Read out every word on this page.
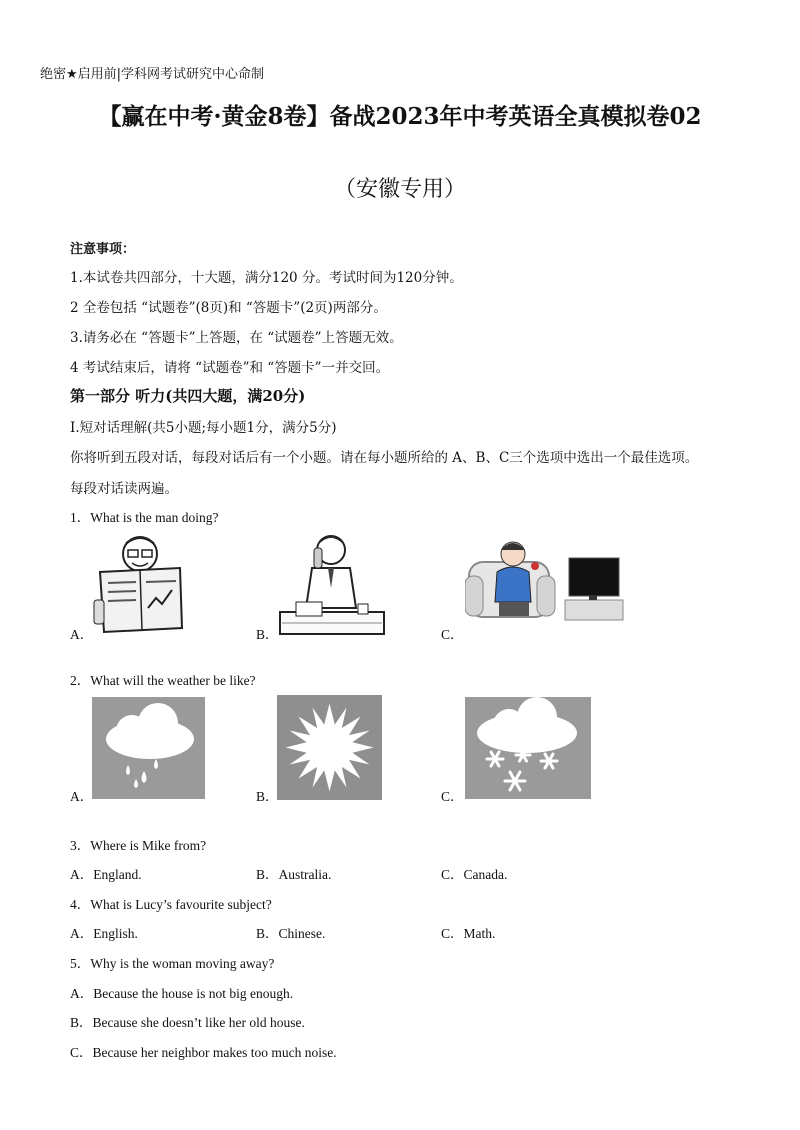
绝密★启用前|学科网考试研究中心命制
【赢在中考·黄金8卷】备战2023年中考英语全真模拟卷02
（安徽专用）
注意事项：
1.本试卷共四部分，十大题，满分120 分。考试时间为120分钟。
2 全卷包括 “试题卷”(8页)和 “答题卡”(2页)两部分。
3.请务必在 “答题卡”上答题，在 “试题卷”上答题无效。
4 考试结束后，请将 “试题卷”和 “答题卡”一并交回。
第一部分 听力(共四大题，满20分)
I.短对话理解(共5小题;每小题1分，满分5分)
你将听到五段对话，每段对话后有一个小题。请在每小题所给的 A、B、C三个选项中选出一个最佳选项。
每段对话读两遍。
1．What is the man doing?
A．	B．	C．
2．What will the weather be like?
A．	B．	C．
3．Where is Mike from?
A．England.	B．Australia.	C．Canada.
4．What is Lucy’s favourite subject?
A．English.	B．Chinese.	C．Math.
5．Why is the woman moving away?
A．Because the house is not big enough.
B．Because she doesn’t like her old house.
C．Because her neighbor makes too much noise.
